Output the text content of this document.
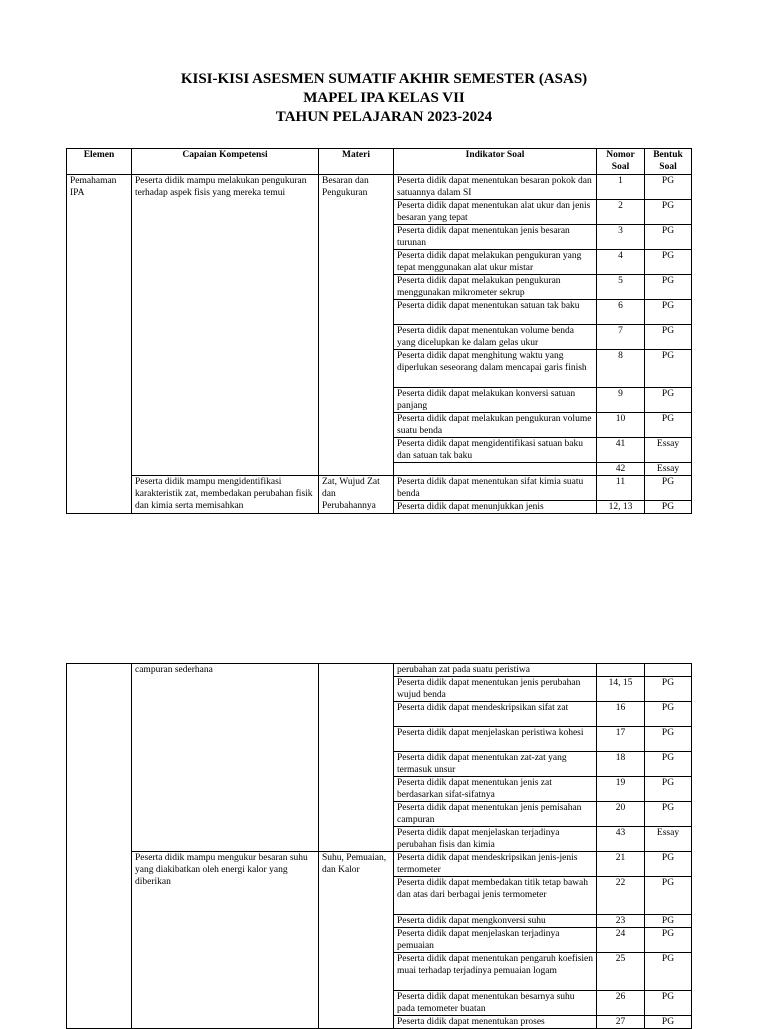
KISI-KISI ASESMEN SUMATIF AKHIR SEMESTER (ASAS)

MAPEL IPA KELAS VII

TAHUN PELAJARAN 2023-2024

Elemen	Capaian Kompetensi	Materi	Indikator Soal	Nomor Soal	Bentuk Soal
Pemahaman IPA	Peserta didik mampu melakukan pengukuran terhadap aspek fisis yang mereka temui	Besaran dan Pengukuran	Peserta didik dapat menentukan besaran pokok dan satuannya dalam SI	1	PG
			Peserta didik dapat menentukan alat ukur dan jenis besaran yang tepat	2	PG
			Peserta didik dapat menentukan jenis besaran turunan	3	PG
			Peserta didik dapat melakukan pengukuran yang tepat menggunakan alat ukur mistar	4	PG
			Peserta didik dapat melakukan pengukuran menggunakan mikrometer sekrup	5	PG
			Peserta didik dapat menentukan satuan tak baku	6	PG
			Peserta didik dapat menentukan volume benda yang dicelupkan ke dalam gelas ukur	7	PG
			Peserta didik dapat menghitung waktu yang diperlukan seseorang dalam mencapai garis finish	8	PG
			Peserta didik dapat melakukan konversi satuan panjang	9	PG
			Peserta didik dapat melakukan pengukuran volume suatu benda	10	PG
			Peserta didik dapat mengidentifikasi satuan baku dan satuan tak baku	41	Essay
				42	Essay
	Peserta didik mampu mengidentifikasi karakteristik zat, membedakan perubahan fisik dan kimia serta memisahkan	Zat, Wujud Zat dan Perubahannya	Peserta didik dapat menentukan sifat kimia suatu benda	11	PG
			Peserta didik dapat menunjukkan jenis	12, 13	PG
	campuran sederhana		perubahan zat pada suatu peristiwa		
			Peserta didik dapat menentukan jenis perubahan wujud benda	14, 15	PG
			Peserta didik dapat mendeskripsikan sifat zat	16	PG
			Peserta didik dapat menjelaskan peristiwa kohesi	17	PG
			Peserta didik dapat menentukan zat-zat yang termasuk unsur	18	PG
			Peserta didik dapat menentukan jenis zat berdasarkan sifat-sifatnya	19	PG
			Peserta didik dapat menentukan jenis pemisahan campuran	20	PG
			Peserta didik dapat menjelaskan terjadinya perubahan fisis dan kimia	43	Essay
	Peserta didik mampu mengukur besaran suhu yang diakibatkan oleh energi kalor yang diberikan	Suhu, Pemuaian, dan Kalor	Peserta didik dapat mendeskripsikan jenis-jenis termometer	21	PG
			Peserta didik dapat membedakan titik tetap bawah dan atas dari berbagai jenis termometer	22	PG
			Peserta didik dapat mengkonversi suhu	23	PG
			Peserta didik dapat menjelaskan terjadinya pemuaian	24	PG
			Peserta didik dapat menentukan pengaruh koefisien muai terhadap terjadinya pemuaian logam	25	PG
			Peserta didik dapat menentukan besarnya suhu pada temometer buatan	26	PG
			Peserta didik dapat menentukan proses	27	PG
